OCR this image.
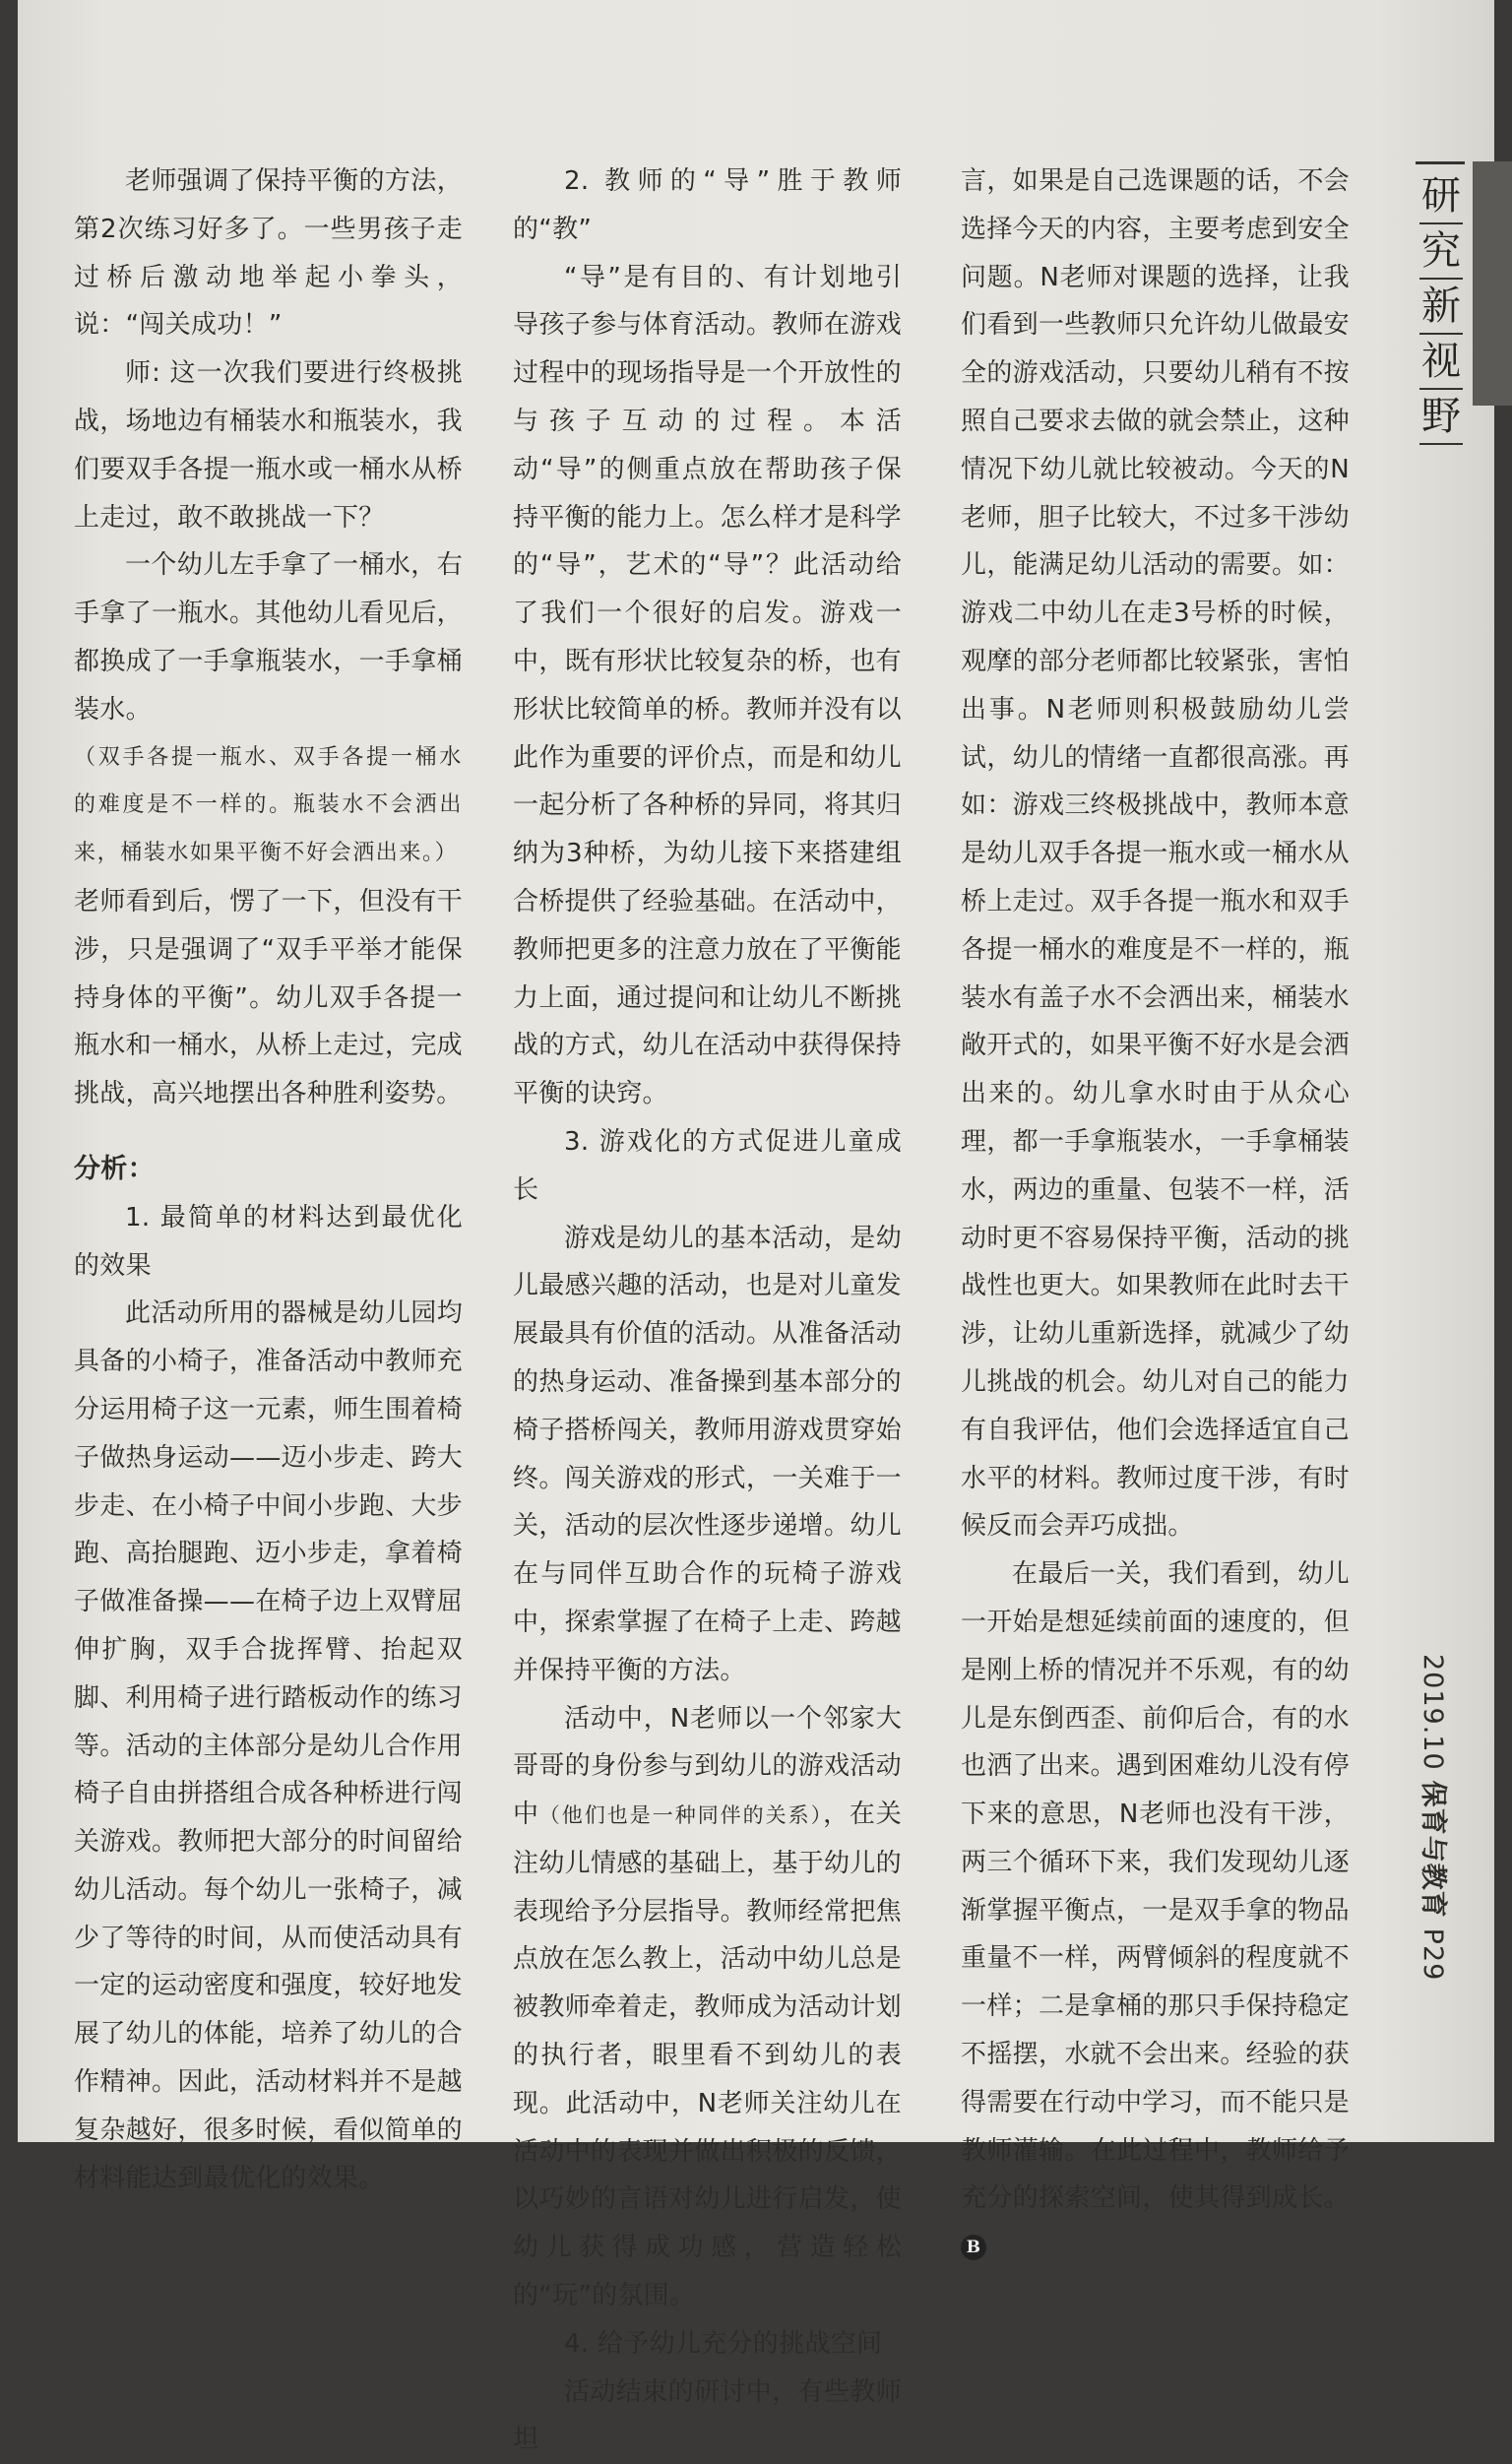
老师强调了保持平衡的方法，第2次练习好多了。一些男孩子走过桥后激动地举起小拳头，说：“闯关成功！”

师: 这一次我们要进行终极挑战，场地边有桶装水和瓶装水，我们要双手各提一瓶水或一桶水从桥上走过，敢不敢挑战一下？

一个幼儿左手拿了一桶水，右手拿了一瓶水。其他幼儿看见后，都换成了一手拿瓶装水，一手拿桶装水。

（双手各提一瓶水、双手各提一桶水的难度是不一样的。瓶装水不会洒出来，桶装水如果平衡不好会洒出来。）

老师看到后，愣了一下，但没有干涉，只是强调了“双手平举才能保持身体的平衡”。幼儿双手各提一瓶水和一桶水，从桥上走过，完成挑战，高兴地摆出各种胜利姿势。

分析：

1. 最简单的材料达到最优化的效果

此活动所用的器械是幼儿园均具备的小椅子，准备活动中教师充分运用椅子这一元素，师生围着椅子做热身运动——迈小步走、跨大步走、在小椅子中间小步跑、大步跑、高抬腿跑、迈小步走，拿着椅子做准备操——在椅子边上双臂屈伸扩胸，双手合拢挥臂、抬起双脚、利用椅子进行踏板动作的练习等。活动的主体部分是幼儿合作用椅子自由拼搭组合成各种桥进行闯关游戏。教师把大部分的时间留给幼儿活动。每个幼儿一张椅子，减少了等待的时间，从而使活动具有一定的运动密度和强度，较好地发展了幼儿的体能，培养了幼儿的合作精神。因此，活动材料并不是越复杂越好，很多时候，看似简单的材料能达到最优化的效果。

2. 教师的“导”胜于教师的“教”

“导”是有目的、有计划地引导孩子参与体育活动。教师在游戏过程中的现场指导是一个开放性的与孩子互动的过程。本活动“导”的侧重点放在帮助孩子保持平衡的能力上。怎么样才是科学的“导”，艺术的“导”？此活动给了我们一个很好的启发。游戏一中，既有形状比较复杂的桥，也有形状比较简单的桥。教师并没有以此作为重要的评价点，而是和幼儿一起分析了各种桥的异同，将其归纳为3种桥，为幼儿接下来搭建组合桥提供了经验基础。在活动中，教师把更多的注意力放在了平衡能力上面，通过提问和让幼儿不断挑战的方式，幼儿在活动中获得保持平衡的诀窍。

3. 游戏化的方式促进儿童成长

游戏是幼儿的基本活动，是幼儿最感兴趣的活动，也是对儿童发展最具有价值的活动。从准备活动的热身运动、准备操到基本部分的椅子搭桥闯关，教师用游戏贯穿始终。闯关游戏的形式，一关难于一关，活动的层次性逐步递增。幼儿在与同伴互助合作的玩椅子游戏中，探索掌握了在椅子上走、跨越并保持平衡的方法。

活动中，N老师以一个邻家大哥哥的身份参与到幼儿的游戏活动中（他们也是一种同伴的关系），在关注幼儿情感的基础上，基于幼儿的表现给予分层指导。教师经常把焦点放在怎么教上，活动中幼儿总是被教师牵着走，教师成为活动计划的执行者，眼里看不到幼儿的表现。此活动中，N老师关注幼儿在活动中的表现并做出积极的反馈，以巧妙的言语对幼儿进行启发，使幼儿获得成功感，营造轻松的“玩”的氛围。

4. 给予幼儿充分的挑战空间

活动结束的研讨中，有些教师坦

言，如果是自己选课题的话，不会选择今天的内容，主要考虑到安全问题。N老师对课题的选择，让我们看到一些教师只允许幼儿做最安全的游戏活动，只要幼儿稍有不按照自己要求去做的就会禁止，这种情况下幼儿就比较被动。今天的N老师，胆子比较大，不过多干涉幼儿，能满足幼儿活动的需要。如：游戏二中幼儿在走3号桥的时候，观摩的部分老师都比较紧张，害怕出事。N老师则积极鼓励幼儿尝试，幼儿的情绪一直都很高涨。再如：游戏三终极挑战中，教师本意是幼儿双手各提一瓶水或一桶水从桥上走过。双手各提一瓶水和双手各提一桶水的难度是不一样的，瓶装水有盖子水不会洒出来，桶装水敞开式的，如果平衡不好水是会洒出来的。幼儿拿水时由于从众心理，都一手拿瓶装水，一手拿桶装水，两边的重量、包装不一样，活动时更不容易保持平衡，活动的挑战性也更大。如果教师在此时去干涉，让幼儿重新选择，就减少了幼儿挑战的机会。幼儿对自己的能力有自我评估，他们会选择适宜自己水平的材料。教师过度干涉，有时候反而会弄巧成拙。

在最后一关，我们看到，幼儿一开始是想延续前面的速度的，但是刚上桥的情况并不乐观，有的幼儿是东倒西歪、前仰后合，有的水也洒了出来。遇到困难幼儿没有停下来的意思，N老师也没有干涉，两三个循环下来，我们发现幼儿逐渐掌握平衡点，一是双手拿的物品重量不一样，两臂倾斜的程度就不一样；二是拿桶的那只手保持稳定不摇摆，水就不会出来。经验的获得需要在行动中学习，而不能只是教师灌输。在此过程中，教师给予充分的探索空间，使其得到成长。B

研
究
新
视
野
2019.10保育与教育P29
